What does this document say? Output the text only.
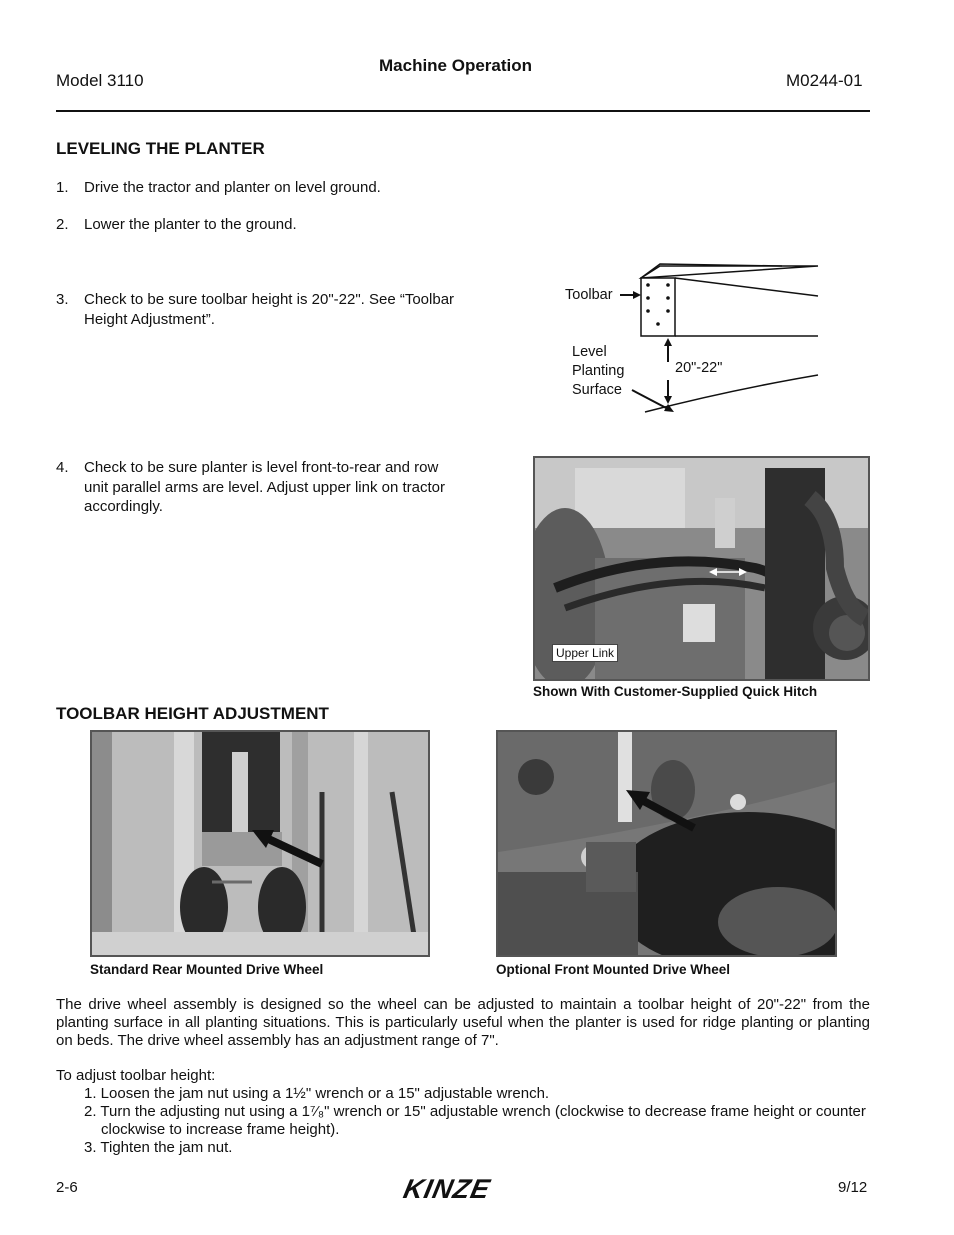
Machine Operation
Model 3110	M0244-01
LEVELING THE PLANTER
1. Drive the tractor and planter on level ground.
2. Lower the planter to the ground.
3. Check to be sure toolbar height is 20"-22". See “Toolbar
Height Adjustment”.
4. Check to be sure planter is level front-to-rear and row
unit parallel arms are level. Adjust upper link on tractor
accordingly.
Toolbar
Level
Planting
Surface
20"-22"
Upper Link
Shown With Customer-Supplied Quick Hitch
TOOLBAR HEIGHT ADJUSTMENT
Standard Rear Mounted Drive Wheel	Optional Front Mounted Drive Wheel
The drive wheel assembly is designed so the wheel can be adjusted to maintain a toolbar height of 20"-22" from the
planting surface in all planting situations. This is particularly useful when the planter is used for ridge planting or planting
on beds. The drive wheel assembly has an adjustment range of 7".
To adjust toolbar height:
1. Loosen the jam nut using a 1½" wrench or a 15" adjustable wrench.
2. Turn the adjusting nut using a 1⁷⁄₈" wrench or 15" adjustable wrench (clockwise to decrease frame height or counter
clockwise to increase frame height).
3. Tighten the jam nut.
2-6	KINZE	9/12
